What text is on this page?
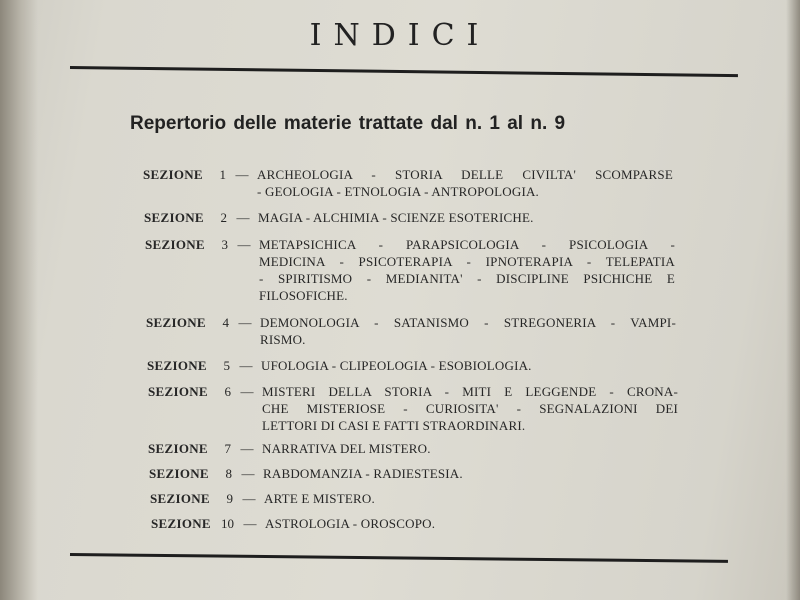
INDICI
Repertorio delle materie trattate dal n. 1 al n. 9
SEZIONE	1 — ARCHEOLOGIA - STORIA DELLE CIVILTA' SCOMPARSE
- GEOLOGIA - ETNOLOGIA - ANTROPOLOGIA.
SEZIONE	2 — MAGIA - ALCHIMIA - SCIENZE ESOTERICHE.
SEZIONE	3 — METAPSICHICA - PARAPSICOLOGIA - PSICOLOGIA -
MEDICINA - PSICOTERAPIA - IPNOTERAPIA - TELEPATIA
- SPIRITISMO - MEDIANITA' - DISCIPLINE PSICHICHE E
FILOSOFICHE.
SEZIONE	4 — DEMONOLOGIA - SATANISMO - STREGONERIA - VAMPI-
RISMO.
SEZIONE	5 — UFOLOGIA - CLIPEOLOGIA - ESOBIOLOGIA.
SEZIONE	6 — MISTERI DELLA STORIA - MITI E LEGGENDE - CRONA-
CHE MISTERIOSE - CURIOSITA' - SEGNALAZIONI DEI
LETTORI DI CASI E FATTI STRAORDINARI.
SEZIONE	7 — NARRATIVA DEL MISTERO.
SEZIONE	8 — RABDOMANZIA - RADIESTESIA.
SEZIONE	9 — ARTE E MISTERO.
SEZIONE 10 — ASTROLOGIA - OROSCOPO.
